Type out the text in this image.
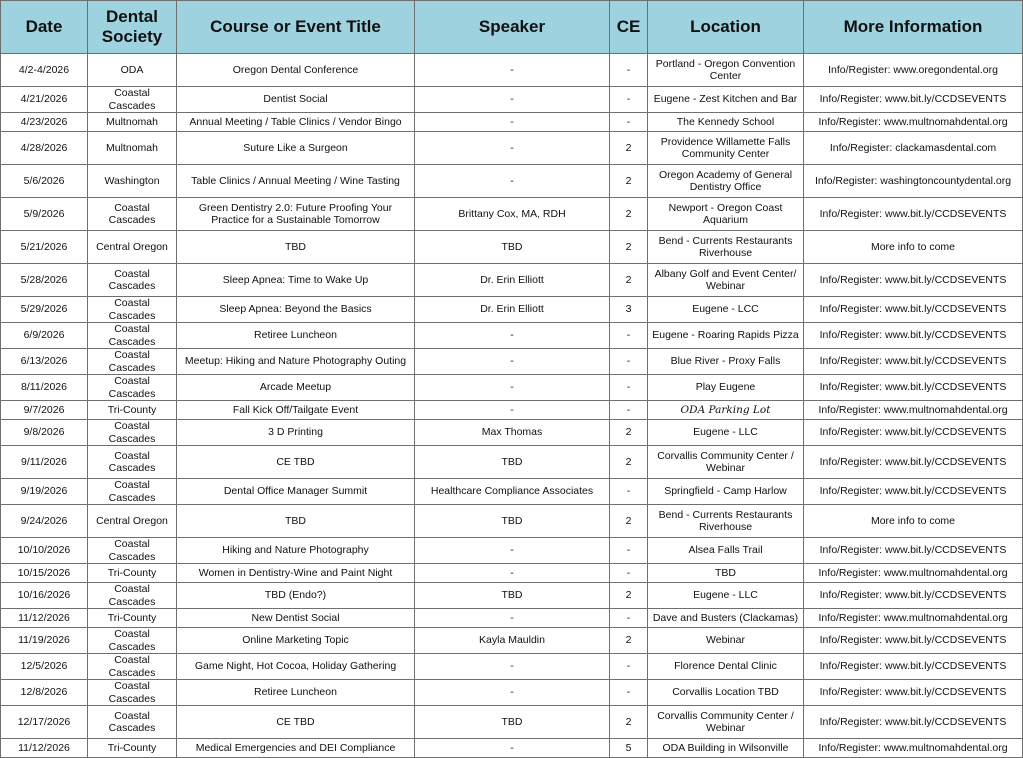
Date	Dental Society	Course or Event Title	Speaker	CE	Location	More Information
4/2-4/2026	ODA	Oregon Dental Conference	-	-	Portland - Oregon Convention Center	Info/Register: www.oregondental.org
4/21/2026	Coastal Cascades	Dentist Social	-	-	Eugene - Zest Kitchen and Bar	Info/Register: www.bit.ly/CCDSEVENTS
4/23/2026	Multnomah	Annual Meeting / Table Clinics / Vendor Bingo	-	-	The Kennedy School	Info/Register: www.multnomahdental.org
4/28/2026	Multnomah	Suture Like a Surgeon	-	2	Providence Willamette Falls Community Center	Info/Register: clackamasdental.com
5/6/2026	Washington	Table Clinics / Annual Meeting / Wine Tasting	-	2	Oregon Academy of General Dentistry Office	Info/Register: washingtoncountydental.org
5/9/2026	Coastal Cascades	Green Dentistry 2.0: Future Proofing Your Practice for a Sustainable Tomorrow	Brittany Cox, MA, RDH	2	Newport - Oregon Coast Aquarium	Info/Register: www.bit.ly/CCDSEVENTS
5/21/2026	Central Oregon	TBD	TBD	2	Bend - Currents Restaurants Riverhouse	More info to come
5/28/2026	Coastal Cascades	Sleep Apnea: Time to Wake Up	Dr. Erin Elliott	2	Albany Golf and Event Center/ Webinar	Info/Register: www.bit.ly/CCDSEVENTS
5/29/2026	Coastal Cascades	Sleep Apnea: Beyond the Basics	Dr. Erin Elliott	3	Eugene - LCC	Info/Register: www.bit.ly/CCDSEVENTS
6/9/2026	Coastal Cascades	Retiree Luncheon	-	-	Eugene - Roaring Rapids Pizza	Info/Register: www.bit.ly/CCDSEVENTS
6/13/2026	Coastal Cascades	Meetup: Hiking and Nature Photography Outing	-	-	Blue River - Proxy Falls	Info/Register: www.bit.ly/CCDSEVENTS
8/11/2026	Coastal Cascades	Arcade Meetup	-	-	Play Eugene	Info/Register: www.bit.ly/CCDSEVENTS
9/7/2026	Tri-County	Fall Kick Off/Tailgate Event	-	-	ODA Parking Lot	Info/Register: www.multnomahdental.org
9/8/2026	Coastal Cascades	3 D Printing	Max Thomas	2	Eugene - LLC	Info/Register: www.bit.ly/CCDSEVENTS
9/11/2026	Coastal Cascades	CE TBD	TBD	2	Corvallis Community Center / Webinar	Info/Register: www.bit.ly/CCDSEVENTS
9/19/2026	Coastal Cascades	Dental Office Manager Summit	Healthcare Compliance Associates	-	Springfield - Camp Harlow	Info/Register: www.bit.ly/CCDSEVENTS
9/24/2026	Central Oregon	TBD	TBD	2	Bend - Currents Restaurants Riverhouse	More info to come
10/10/2026	Coastal Cascades	Hiking and Nature Photography	-	-	Alsea Falls Trail	Info/Register: www.bit.ly/CCDSEVENTS
10/15/2026	Tri-County	Women in Dentistry-Wine and Paint Night	-	-	TBD	Info/Register: www.multnomahdental.org
10/16/2026	Coastal Cascades	TBD (Endo?)	TBD	2	Eugene - LLC	Info/Register: www.bit.ly/CCDSEVENTS
11/12/2026	Tri-County	New Dentist Social	-	-	Dave and Busters (Clackamas)	Info/Register: www.multnomahdental.org
11/19/2026	Coastal Cascades	Online Marketing Topic	Kayla Mauldin	2	Webinar	Info/Register: www.bit.ly/CCDSEVENTS
12/5/2026	Coastal Cascades	Game Night, Hot Cocoa, Holiday Gathering	-	-	Florence Dental Clinic	Info/Register: www.bit.ly/CCDSEVENTS
12/8/2026	Coastal Cascades	Retiree Luncheon	-	-	Corvallis Location TBD	Info/Register: www.bit.ly/CCDSEVENTS
12/17/2026	Coastal Cascades	CE TBD	TBD	2	Corvallis Community Center / Webinar	Info/Register: www.bit.ly/CCDSEVENTS
11/12/2026	Tri-County	Medical Emergencies and DEI Compliance	-	5	ODA Building in Wilsonville	Info/Register: www.multnomahdental.org
